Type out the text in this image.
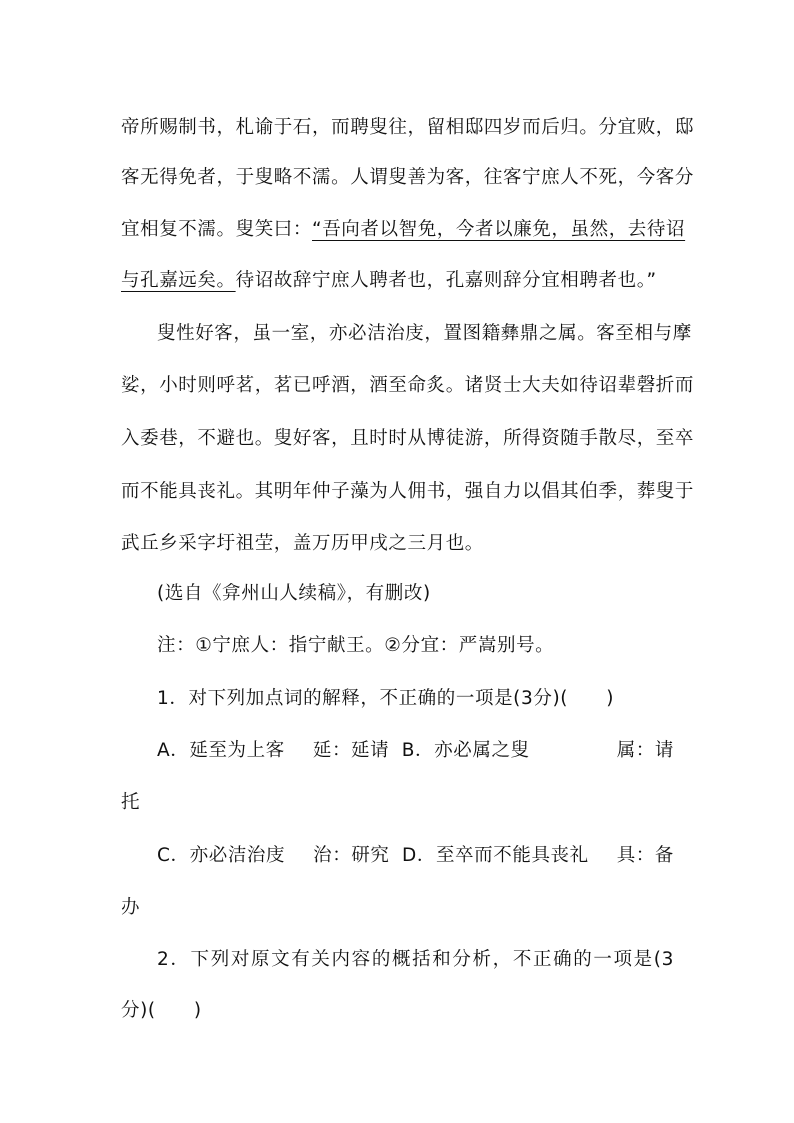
帝所赐制书，札谕于石，而聘叟往，留相邸四岁而后归。分宜败，邸
客无得免者，于叟略不濡。人谓叟善为客，往客宁庶人不死，今客分
宜相复不濡。叟笑曰：“吾向者以智免，今者以廉免，虽然，去待诏
与孔嘉远矣。待诏故辞宁庶人聘者也，孔嘉则辞分宜相聘者也。”
叟性好客，虽一室，亦必洁治庋，置图籍彝鼎之属。客至相与摩
娑，小时则呼茗，茗已呼酒，酒至命炙。诸贤士大夫如待诏辈磬折而
入委巷，不避也。叟好客，且时时从博徒游，所得资随手散尽，至卒
而不能具丧礼。其明年仲子藻为人佣书，强自力以倡其伯季，葬叟于
武丘乡采字圩祖茔，盖万历甲戌之三月也。
(选自《弇州山人续稿》，有删改)
注：①宁庶人：指宁献王。②分宜：严嵩别号。
1．对下列加点词的解释，不正确的一项是(3分)(　　)
A．延至为上客 延：延请 B．亦必属之叟	属：请
托
C．亦必洁治庋 治：研究 D．至卒而不能具丧礼 具：备
办
2．下列对原文有关内容的概括和分析，不正确的一项是(3
分)(　　)
